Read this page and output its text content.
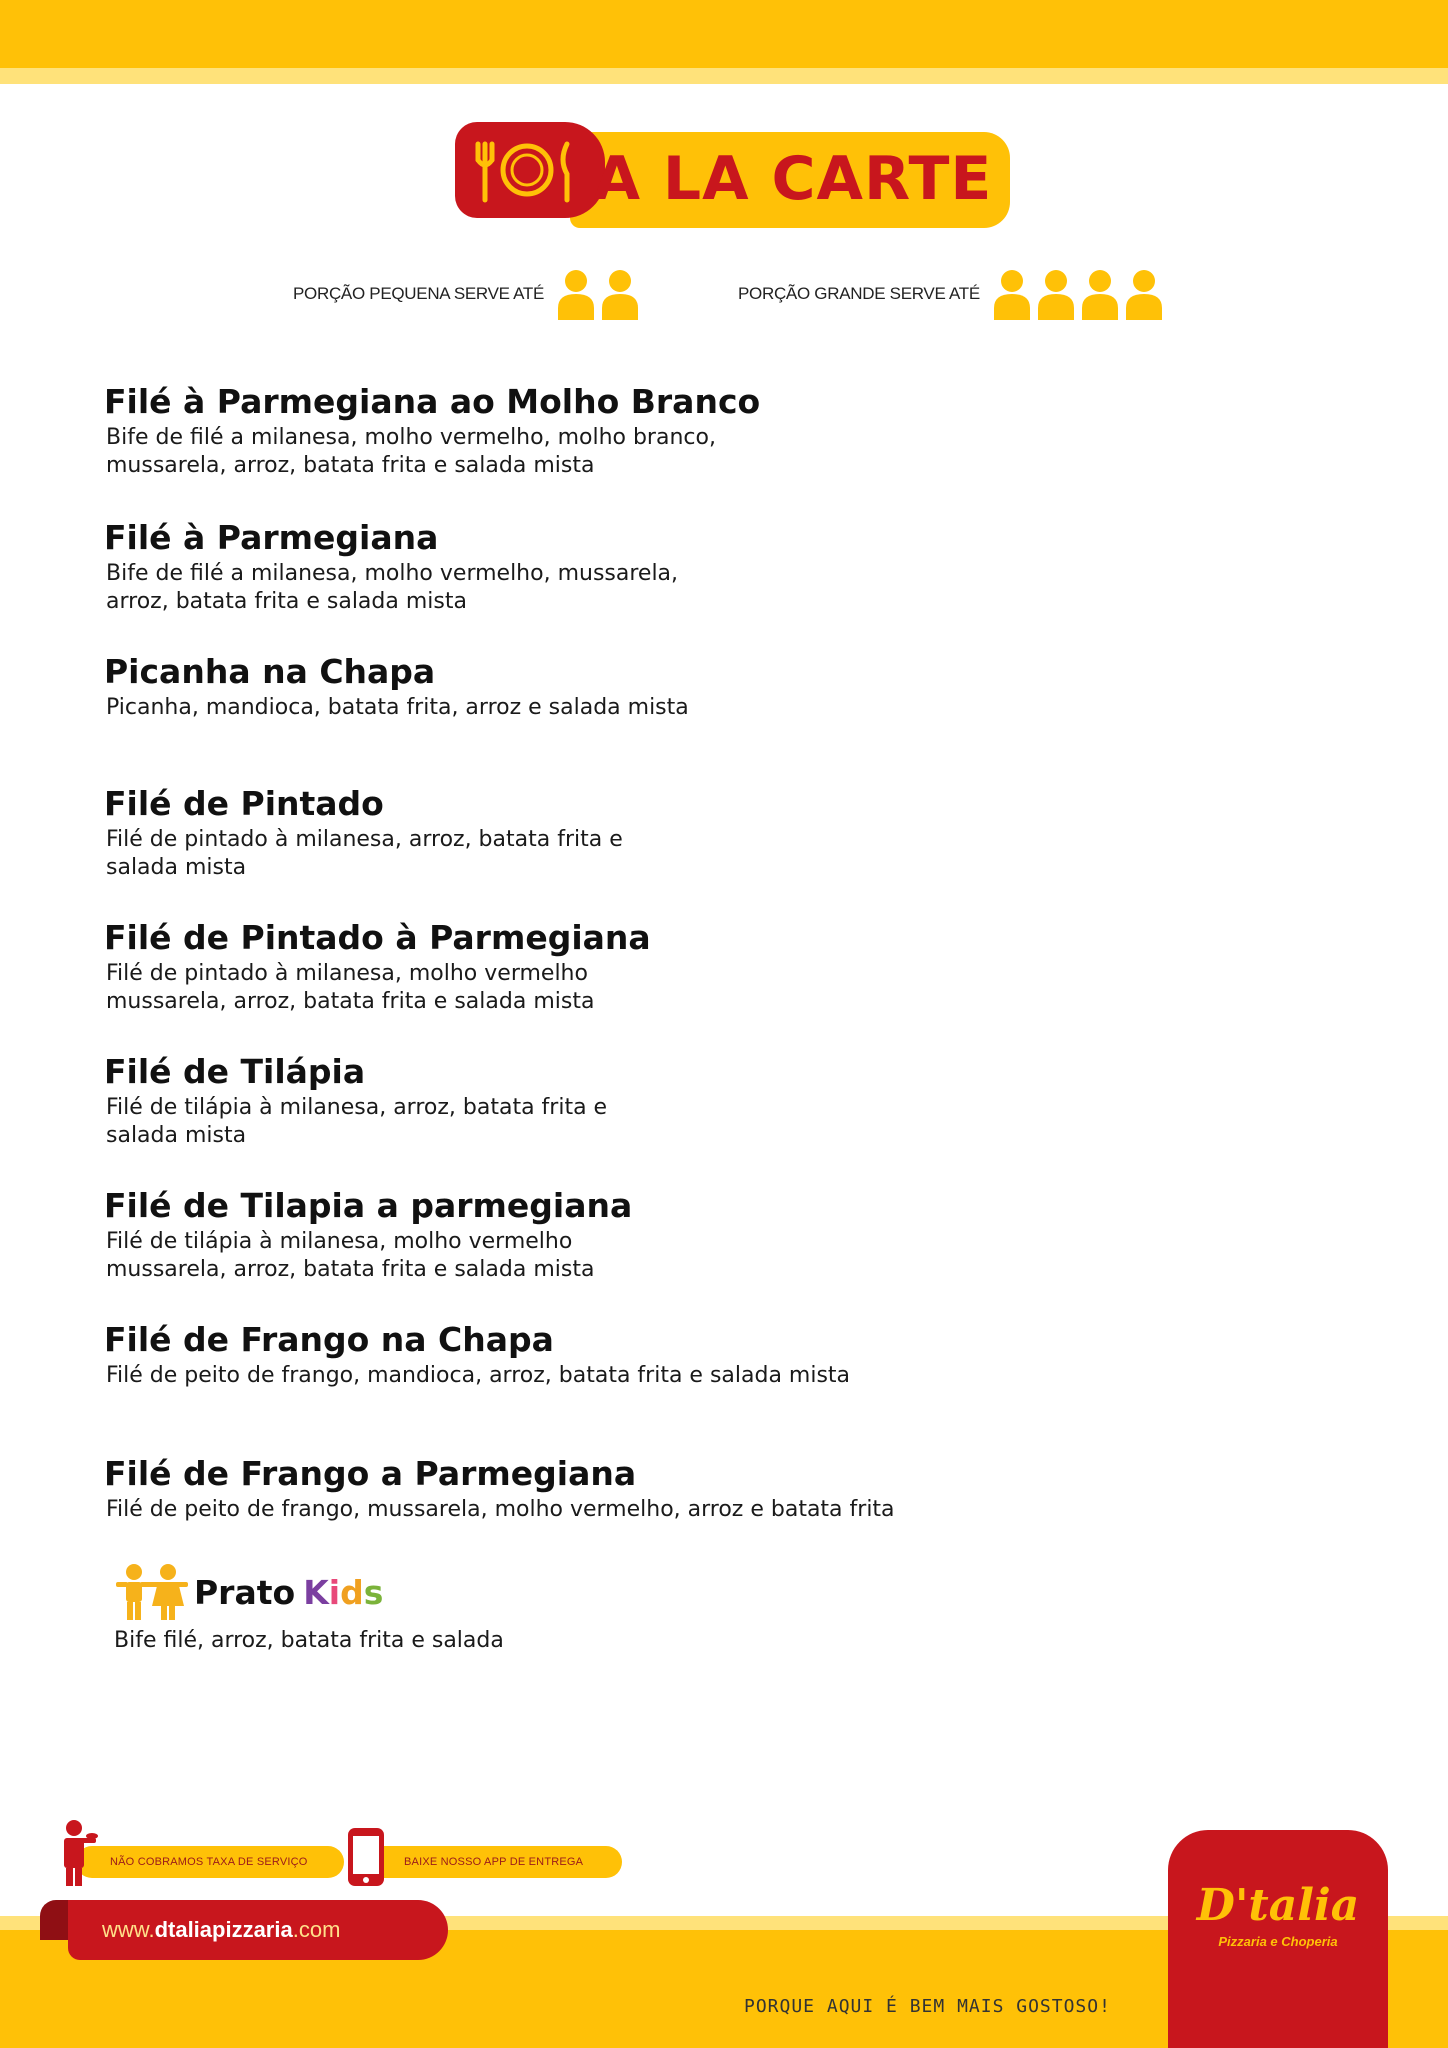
A LA CARTE
PORÇÃO PEQUENA SERVE ATÉ	PORÇÃO GRANDE SERVE ATÉ
Filé à Parmegiana ao Molho Branco
Bife de filé a milanesa, molho vermelho, molho branco,
mussarela, arroz, batata frita e salada mista
Filé à Parmegiana
Bife de filé a milanesa, molho vermelho, mussarela,
arroz, batata frita e salada mista
Picanha na Chapa
Picanha, mandioca, batata frita, arroz e salada mista
Filé de Pintado
Filé de pintado à milanesa, arroz, batata frita e
salada mista
Filé de Pintado à Parmegiana
Filé de pintado à milanesa, molho vermelho
mussarela, arroz, batata frita e salada mista
Filé de Tilápia
Filé de tilápia à milanesa, arroz, batata frita e
salada mista
Filé de Tilapia a parmegiana
Filé de tilápia à milanesa, molho vermelho
mussarela, arroz, batata frita e salada mista
Filé de Frango na Chapa
Filé de peito de frango, mandioca, arroz, batata frita e salada mista
Filé de Frango a Parmegiana
Filé de peito de frango, mussarela, molho vermelho, arroz e batata frita
Prato Kids
Bife filé, arroz, batata frita e salada
NÃO COBRAMOS TAXA DE SERVIÇO	BAIXE NOSSO APP DE ENTREGA
www. dtaliapizzaria .com
PORQUE AQUI É BEM MAIS GOSTOSO!
D'talia
Pizzaria e Choperia
